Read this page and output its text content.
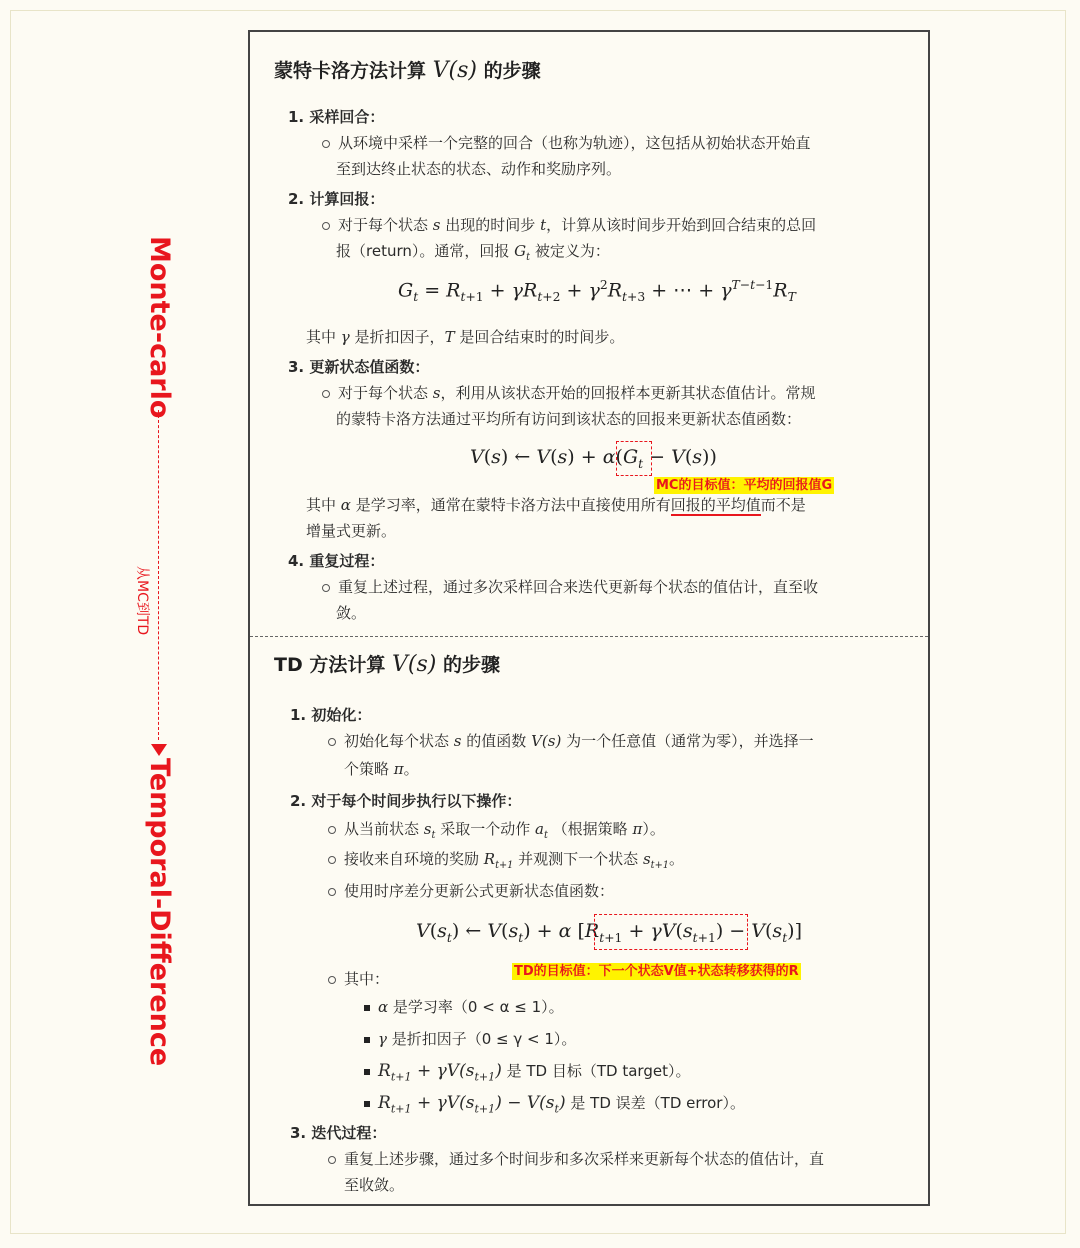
Monte-carlo
从MC到TD
Temporal-Difference
蒙特卡洛方法计算 V(s) 的步骤
1. 采样回合：
从环境中采样一个完整的回合（也称为轨迹），这包括从初始状态开始直
至到达终止状态的状态、动作和奖励序列。
2. 计算回报：
对于每个状态 s 出现的时间步 t，计算从该时间步开始到回合结束的总回
报（return）。通常，回报 $G_t$ 被定义为：
$G_t = R_{t+1} + \gamma R_{t+2} + \gamma^2R_{t+3}$ + ⋯ + $\gamma^{T-t-1}R_T$
其中 γ 是折扣因子，T 是回合结束时的时间步。
3. 更新状态值函数：
对于每个状态 s，利用从该状态开始的回报样本更新其状态值估计。常规
的蒙特卡洛方法通过平均所有访问到该状态的回报来更新状态值函数：
V(s) ← $V(s) + \alpha(G_t - V(s))$
MC的目标值：平均的回报值G
其中 α 是学习率，通常在蒙特卡洛方法中直接使用所有回报的平均值而不是
增量式更新。
4. 重复过程：
重复上述过程，通过多次采样回合来迭代更新每个状态的值估计，直至收
敛。
TD 方法计算 V(s) 的步骤
1. 初始化：
初始化每个状态 s 的值函数 V(s) 为一个任意值（通常为零），并选择一
个策略 π。
2. 对于每个时间步执行以下操作：
从当前状态 $s_t$ 采取一个动作 $a_t$ （根据策略 π）。
接收来自环境的奖励 $R_{t+1}$ 并观测下一个状态 $s_{t+1}$。
使用时序差分更新公式更新状态值函数：
$V(s_t)$ ← $V(s_t) + \alpha$ $[R_{t+1} + \gamma V(s_{t+1}) - V(s_t)]$
TD的目标值：下一个状态V值+状态转移获得的R
其中：
α 是学习率（0 < α ≤ 1）。
γ 是折扣因子（0 ≤ γ < 1）。
$R_{t+1} + \gamma V(s_{t+1})$ 是 TD 目标（TD target）。
$R_{t+1} + \gamma V(s_{t+1}) - V(s_t)$ 是 TD 误差（TD error）。
3. 迭代过程：
重复上述步骤，通过多个时间步和多次采样来更新每个状态的值估计，直
至收敛。
